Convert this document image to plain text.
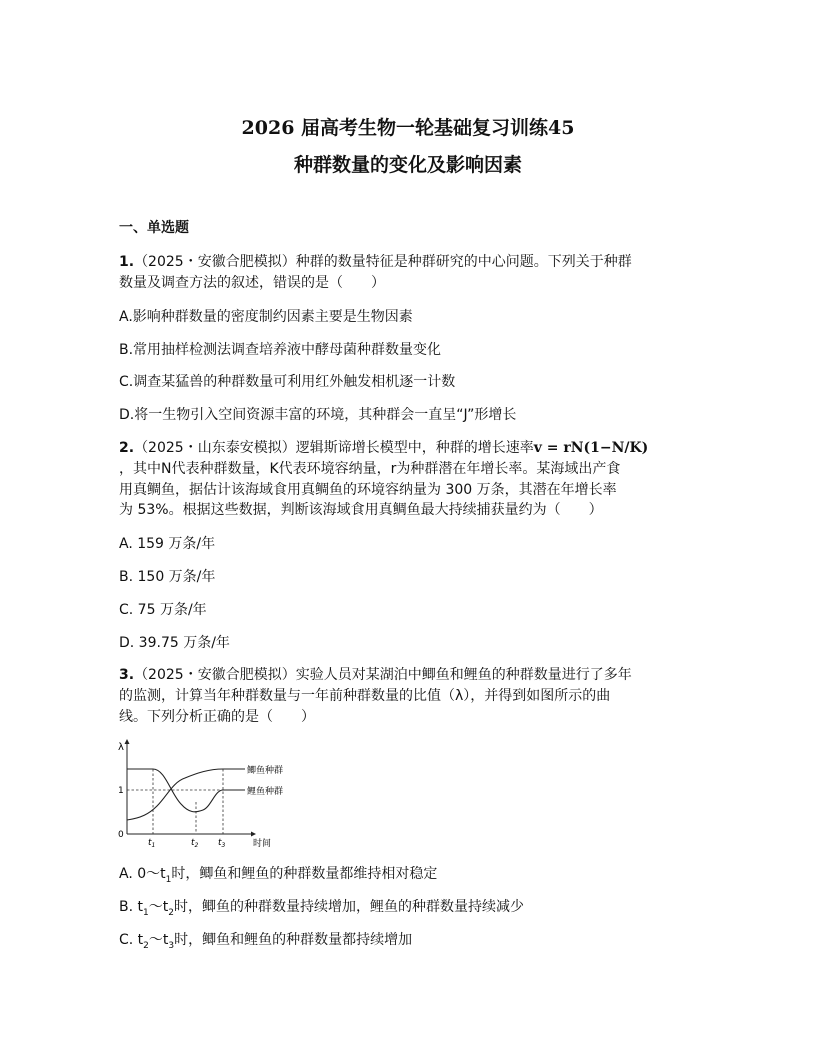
2026 届高考生物一轮基础复习训练45
种群数量的变化及影响因素
一、单选题
1.（2025・安徽合肥模拟）种群的数量特征是种群研究的中心问题。下列关于种群
数量及调查方法的叙述，错误的是（　　）
A.影响种群数量的密度制约因素主要是生物因素
B.常用抽样检测法调查培养液中酵母菌种群数量变化
C.调查某猛兽的种群数量可利用红外触发相机逐一计数
D.将一生物引入空间资源丰富的环境，其种群会一直呈“J”形增长
2.（2025・山东泰安模拟）逻辑斯谛增长模型中，种群的增长速率v = rN(1−N/K)
，其中N代表种群数量，K代表环境容纳量，r为种群潜在年增长率。某海域出产食
用真鲷鱼，据估计该海域食用真鲷鱼的环境容纳量为 300 万条，其潜在年增长率
为 53%。根据这些数据，判断该海域食用真鲷鱼最大持续捕获量约为（　　）
A. 159 万条/年
B. 150 万条/年
C. 75 万条/年
D. 39.75 万条/年
3.（2025・安徽合肥模拟）实验人员对某湖泊中鲫鱼和鲤鱼的种群数量进行了多年
的监测，计算当年种群数量与一年前种群数量的比值（λ），并得到如图所示的曲
线。下列分析正确的是（　　）
λ
1
0
鲫鱼种群
鲤鱼种群
$t_1$	$t_2$ $t_3$	时间
A. $0\sim t_1$时，鲫鱼和鲤鱼的种群数量都维持相对稳定
B. $t_1\sim t_2$时，鲫鱼的种群数量持续增加，鲤鱼的种群数量持续减少
C. $t_2\sim t_3$时，鲫鱼和鲤鱼的种群数量都持续增加
